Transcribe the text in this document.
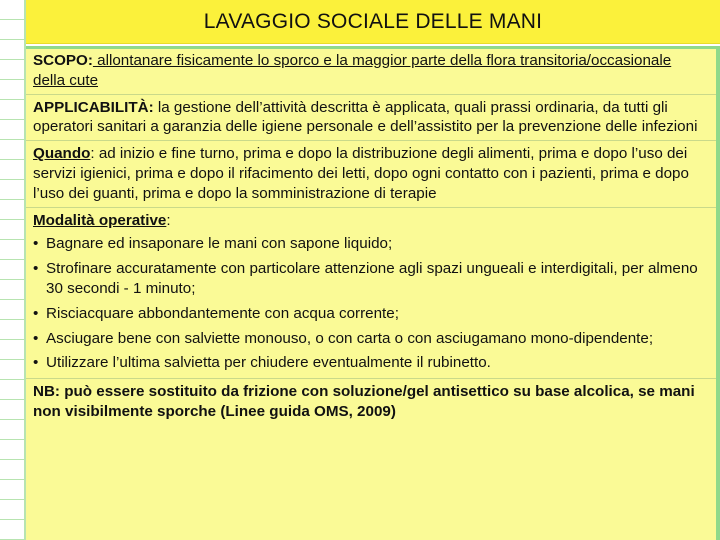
LAVAGGIO SOCIALE DELLE MANI

SCOPO: allontanare fisicamente lo sporco e la maggior parte della flora transitoria/occasionale della cute

APPLICABILITÀ: la gestione dell’attività descritta è applicata, quali prassi ordinaria, da tutti gli operatori sanitari a garanzia delle igiene personale e dell’assistito per la prevenzione delle infezioni

Quando: ad inizio e fine turno, prima e dopo la distribuzione degli alimenti, prima e dopo l’uso dei servizi igienici, prima e dopo il rifacimento dei letti, dopo ogni contatto con i pazienti, prima e dopo l’uso dei guanti, prima e dopo la somministrazione di terapie

Modalità operative:

• Bagnare ed insaponare le mani con sapone liquido;
• Strofinare accuratamente con particolare attenzione agli spazi ungueali e interdigitali, per almeno 30 secondi - 1 minuto;
• Risciacquare abbondantemente con acqua corrente;
• Asciugare bene con salviette monouso, o con carta o con asciugamano mono-dipendente;
• Utilizzare l’ultima salvietta per chiudere eventualmente il rubinetto.

NB: può essere sostituito da frizione con soluzione/gel antisettico su base alcolica, se mani non visibilmente sporche (Linee guida OMS, 2009)
